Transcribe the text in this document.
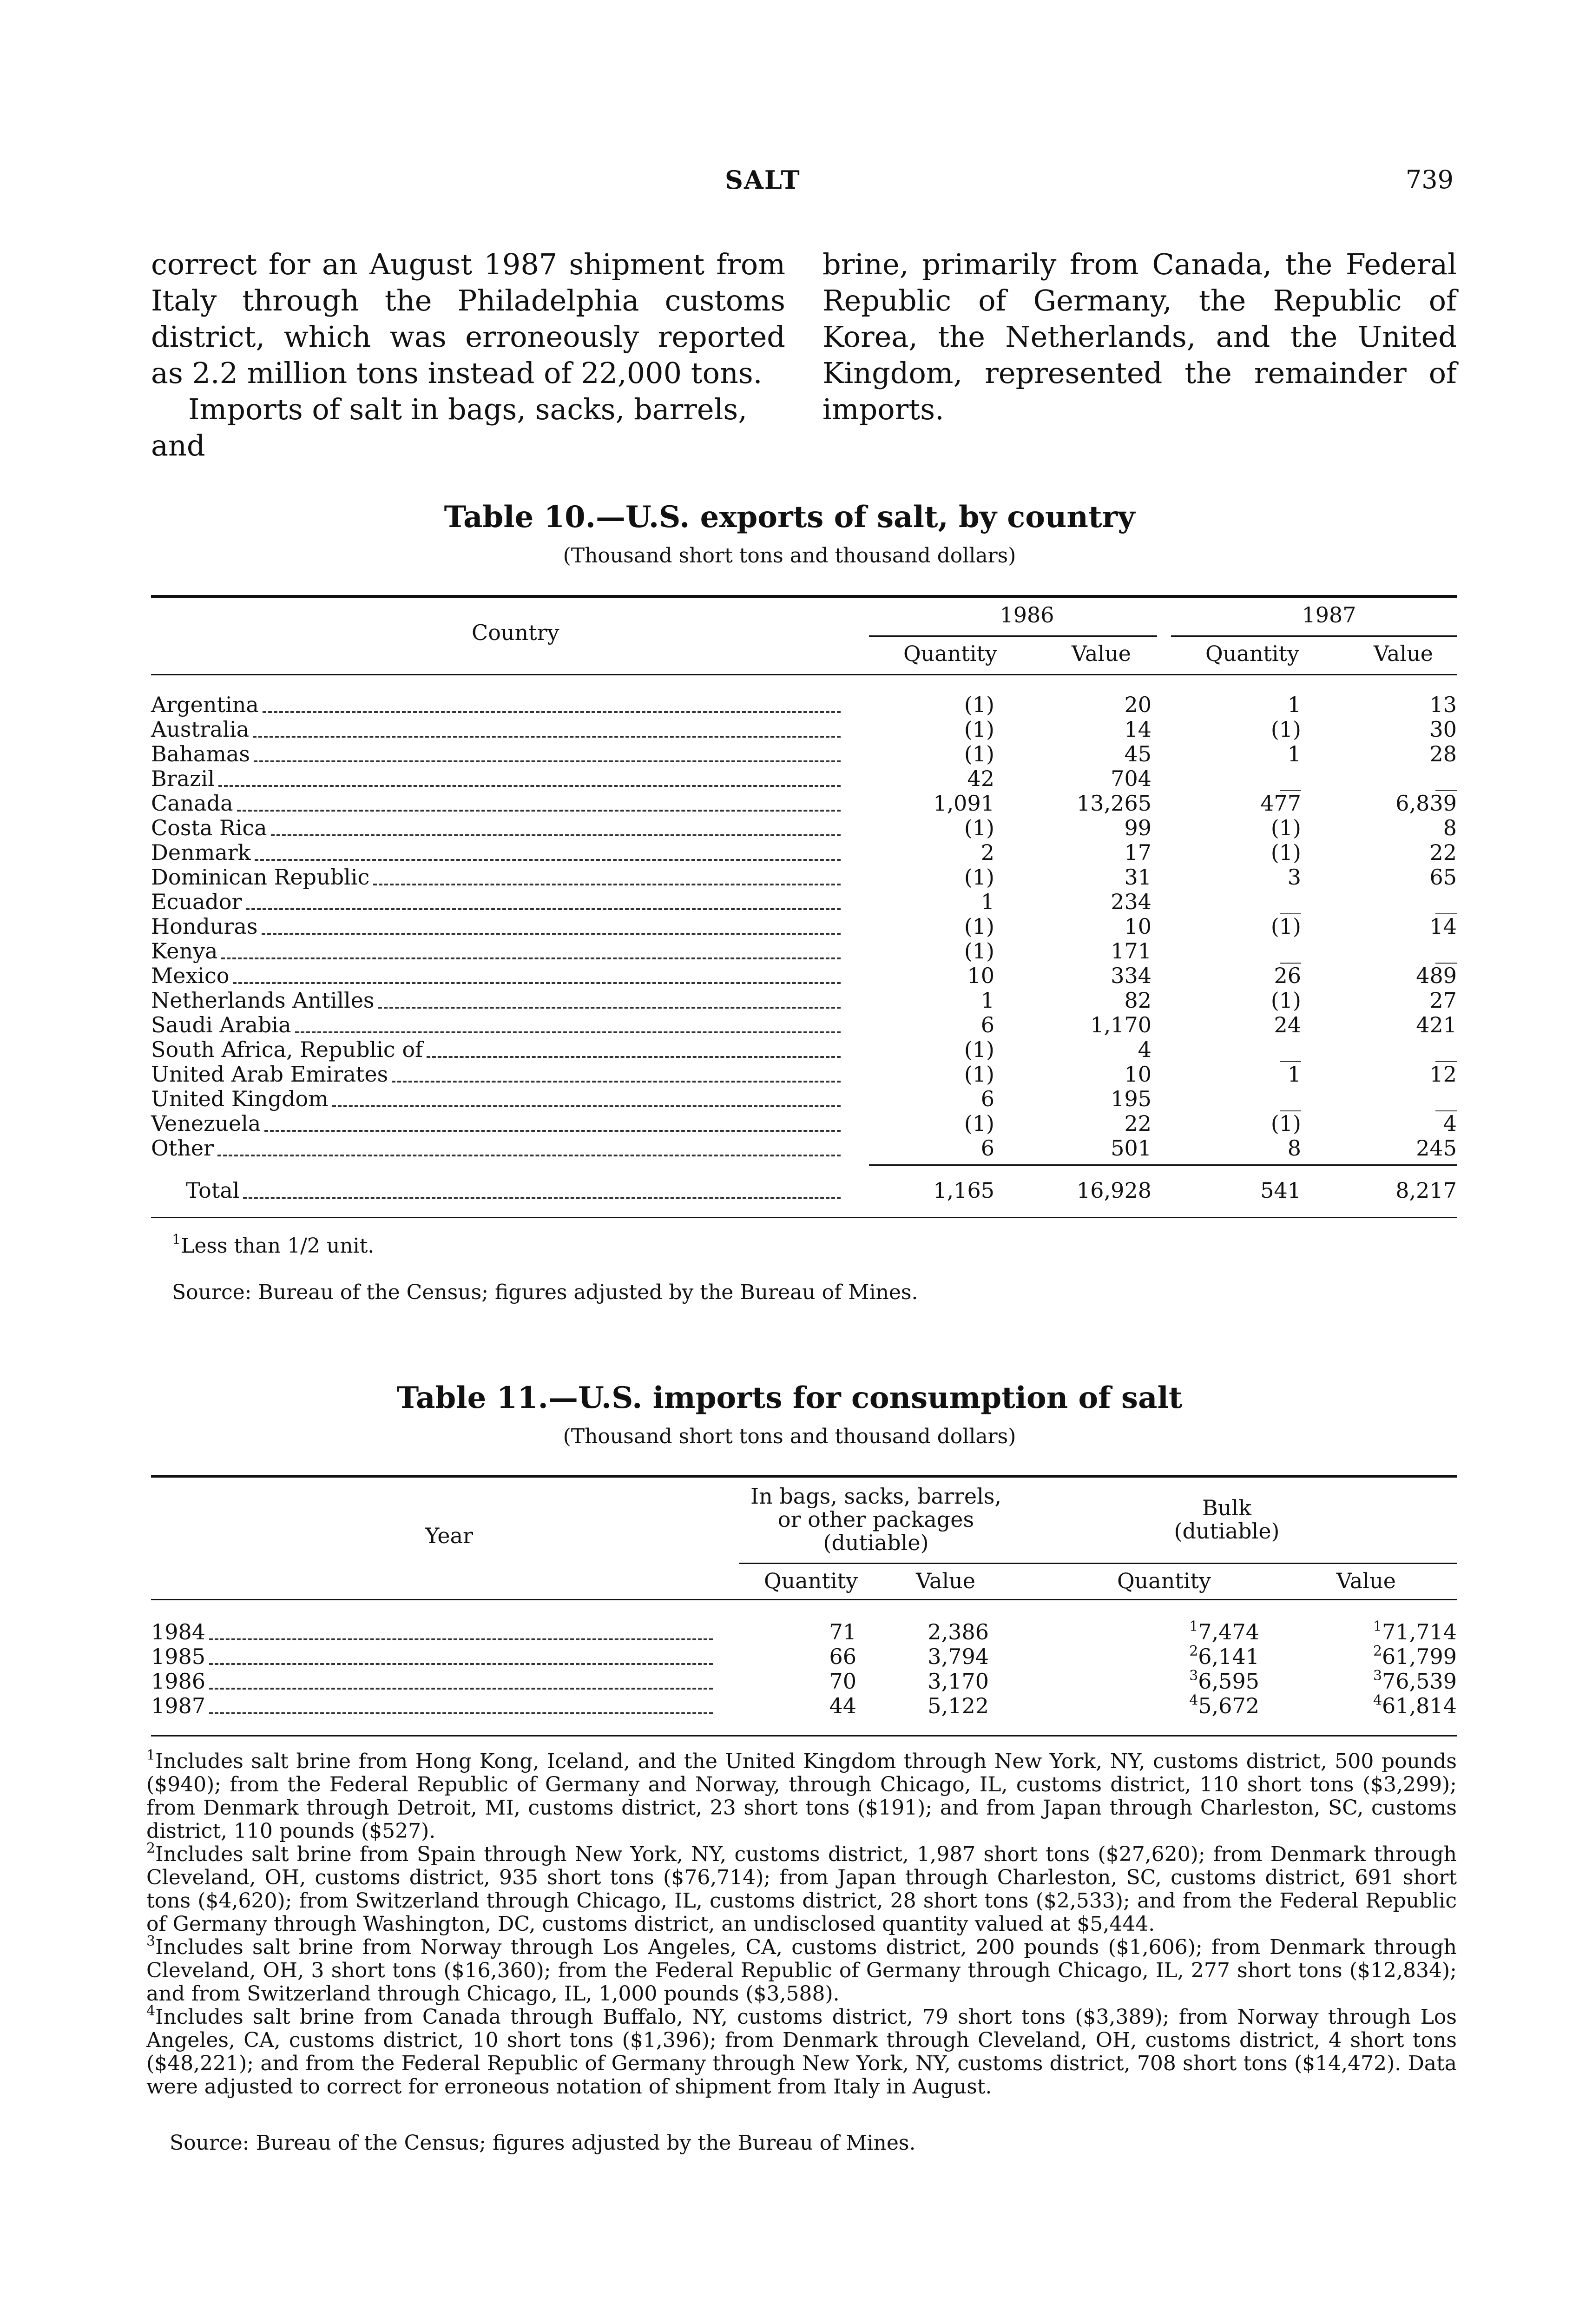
SALT	739

correct for an August 1987 shipment from Italy through the Philadelphia customs district, which was erroneously reported as 2.2 million tons instead of 22,000 tons.

Imports of salt in bags, sacks, barrels, and

brine, primarily from Canada, the Federal Republic of Germany, the Republic of Korea, the Netherlands, and the United Kingdom, represented the remainder of imports.

Table 10.—U.S. exports of salt, by country
(Thousand short tons and thousand dollars)
Country
1986	1987
Quantity	Value	Quantity	Value
Argentina	(1)	20	1	13
Australia	(1)	14	(1)	30
Bahamas	(1)	45	1	28
Brazil	42	704	__	__
Canada	1,091	13,265	477	6,839
Costa Rica	(1)	99	(1)	8
Denmark	2	17	(1)	22
Dominican Republic	(1)	31	3	65
Ecuador	1	234	__	__
Honduras	(1)	10	(1)	14
Kenya	(1)	171	__	__
Mexico	10	334	26	489
Netherlands Antilles	1	82	(1)	27
Saudi Arabia	6	1,170	24	421
South Africa, Republic of	(1)	4	__	__
United Arab Emirates	(1)	10	1	12
United Kingdom	6	195	__	__
Venezuela	(1)	22	(1)	4
Other	6	501	8	245
Total	1,165	16,928	541	8,217
$^1$Less than 1/2 unit.
Source: Bureau of the Census; figures adjusted by the Bureau of Mines.
Table 11.—U.S. imports for consumption of salt
(Thousand short tons and thousand dollars)
Year
In bags, sacks, barrels,
or other packages
(dutiable)
Bulk
(dutiable)
Quantity	Value	Quantity	Value
1984	71	2,386	$^1$7,474	$^1$71,714
1985	66	3,794	$^2$6,141	$^2$61,799
1986	70	3,170	$^3$6,595	$^3$76,539
1987	44	5,122	$^4$5,672	$^4$61,814

$^1$Includes salt brine from Hong Kong, Iceland, and the United Kingdom through New York, NY, customs district, 500 pounds ($940); from the Federal Republic of Germany and Norway, through Chicago, IL, customs district, 110 short tons ($3,299); from Denmark through Detroit, MI, customs district, 23 short tons ($191); and from Japan through Charleston, SC, customs district, 110 pounds ($527).

$^2$Includes salt brine from Spain through New York, NY, customs district, 1,987 short tons ($27,620); from Denmark through Cleveland, OH, customs district, 935 short tons ($76,714); from Japan through Charleston, SC, customs district, 691 short tons ($4,620); from Switzerland through Chicago, IL, customs district, 28 short tons ($2,533); and from the Federal Republic of Germany through Washington, DC, customs district, an undisclosed quantity valued at $5,444.

$^3$Includes salt brine from Norway through Los Angeles, CA, customs district, 200 pounds ($1,606); from Denmark through Cleveland, OH, 3 short tons ($16,360); from the Federal Republic of Germany through Chicago, IL, 277 short tons ($12,834); and from Switzerland through Chicago, IL, 1,000 pounds ($3,588).

$^4$Includes salt brine from Canada through Buffalo, NY, customs district, 79 short tons ($3,389); from Norway through Los Angeles, CA, customs district, 10 short tons ($1,396); from Denmark through Cleveland, OH, customs district, 4 short tons ($48,221); and from the Federal Republic of Germany through New York, NY, customs district, 708 short tons ($14,472). Data were adjusted to correct for erroneous notation of shipment from Italy in August.

Source: Bureau of the Census; figures adjusted by the Bureau of Mines.
